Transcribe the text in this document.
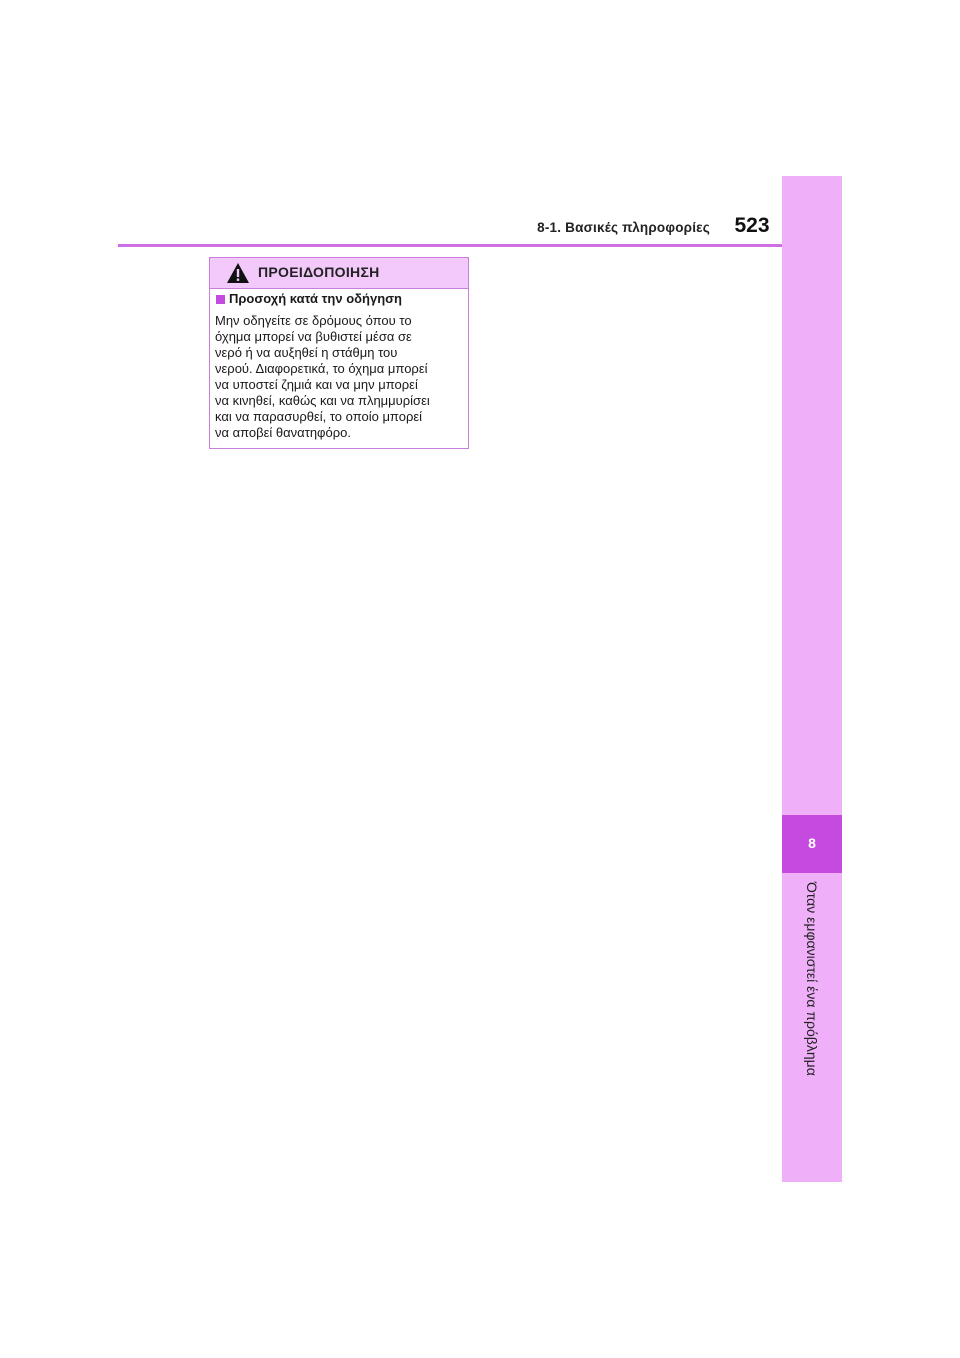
8-1. Βασικές πληροφορίες	523
8
Όταν εμφανιστεί ένα πρόβλημα
ΠΡΟΕΙΔΟΠΟΙΗΣΗ
Προσοχή κατά την οδήγηση
Μην οδηγείτε σε δρόμους όπου το
όχημα μπορεί να βυθιστεί μέσα σε
νερό ή να αυξηθεί η στάθμη του
νερού. Διαφορετικά, το όχημα μπορεί
να υποστεί ζημιά και να μην μπορεί
να κινηθεί, καθώς και να πλημμυρίσει
και να παρασυρθεί, το οποίο μπορεί
να αποβεί θανατηφόρο.
